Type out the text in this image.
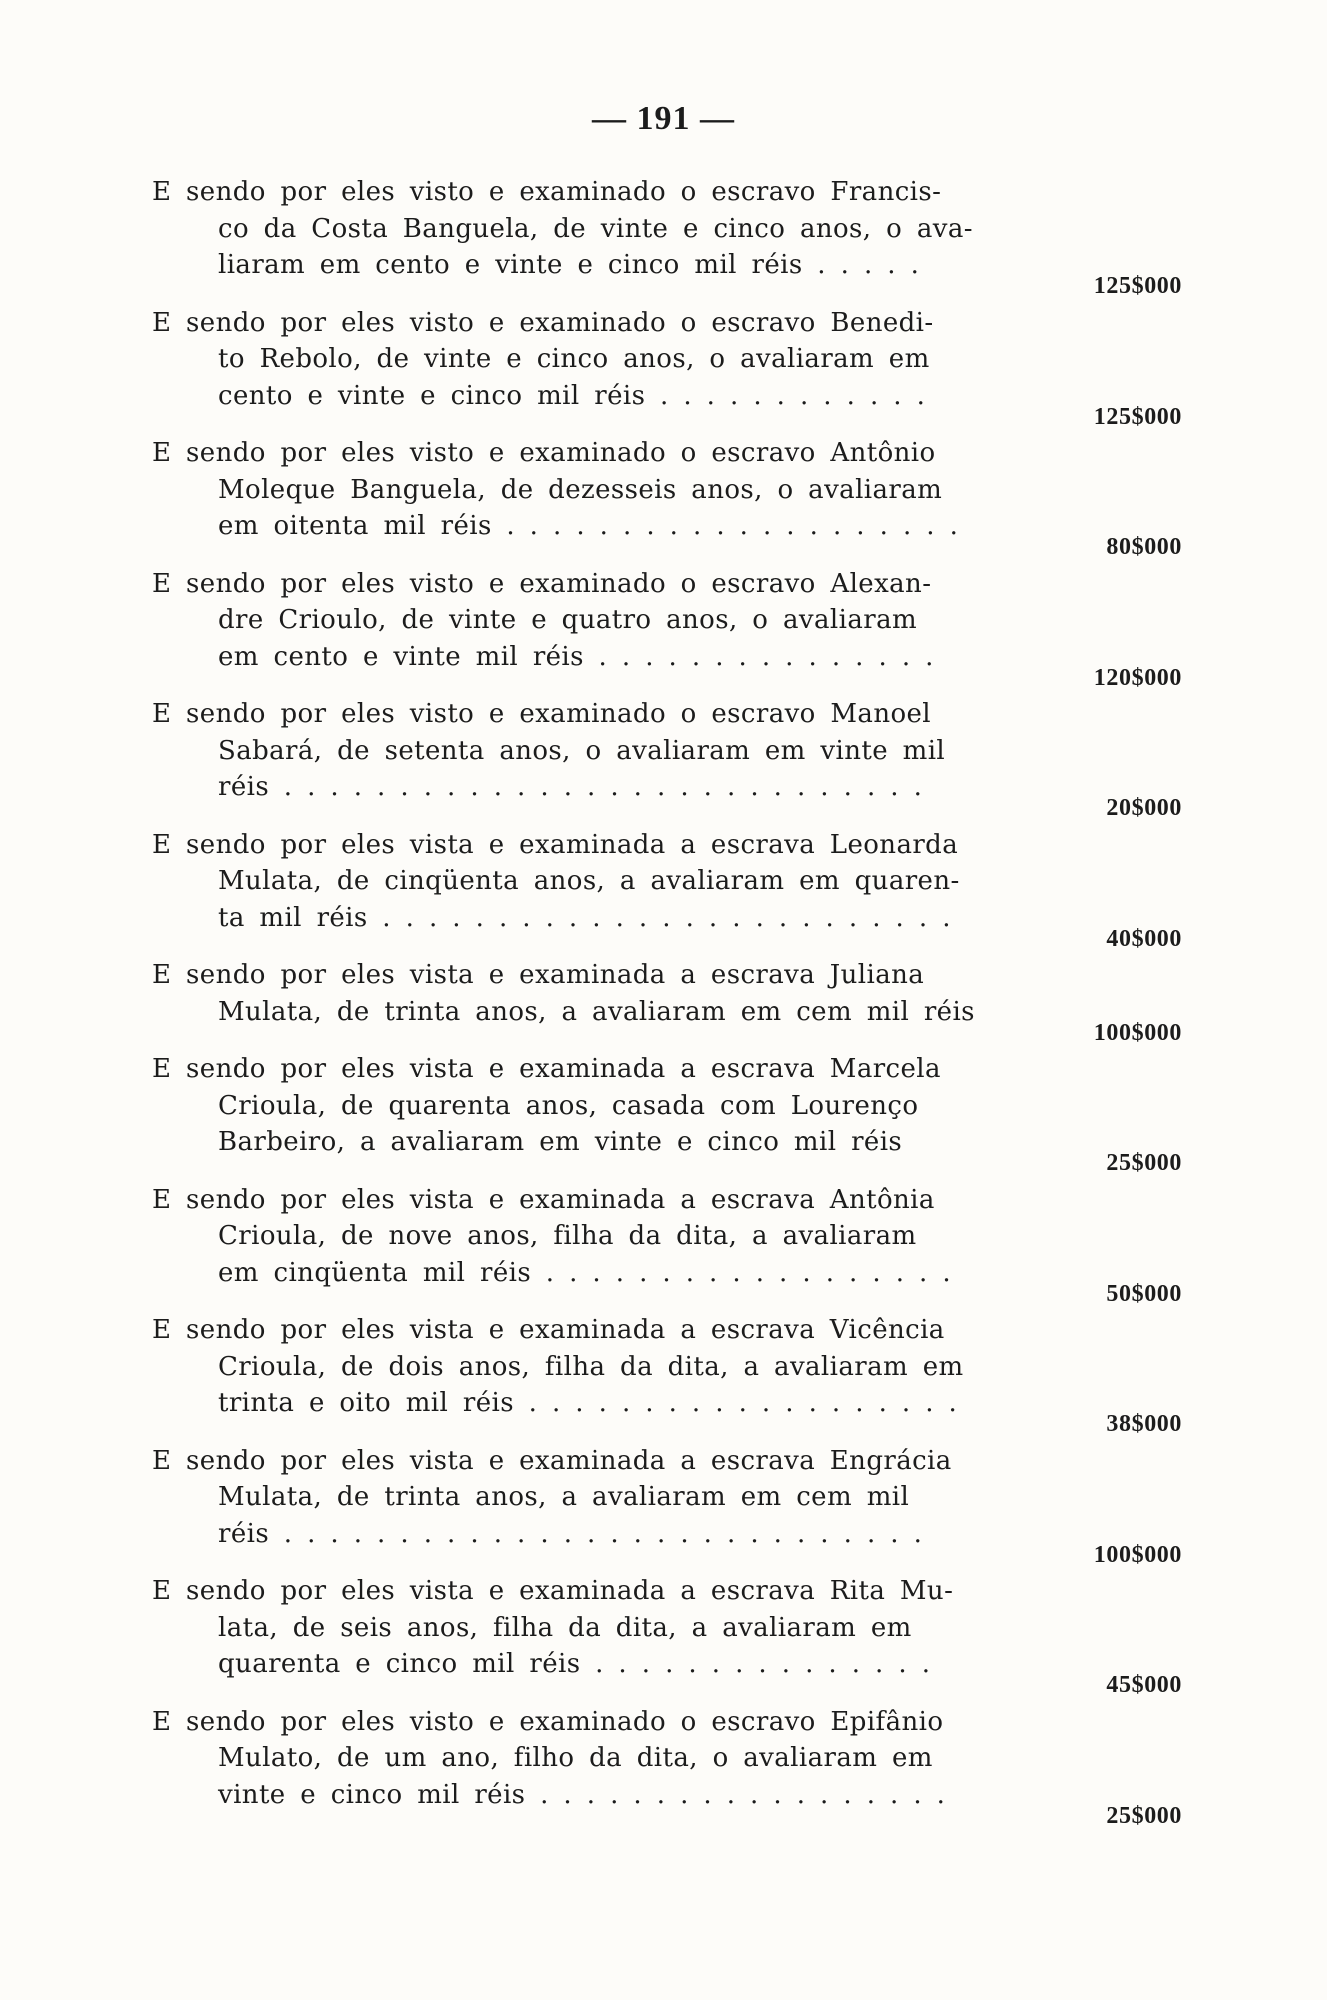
— 191 —
E sendo por eles visto e examinado o escravo Francis-
co da Costa Banguela, de vinte e cinco anos, o ava-
liaram em cento e vinte e cinco mil réis . . . . .
125$000
E sendo por eles visto e examinado o escravo Benedi-
to Rebolo, de vinte e cinco anos, o avaliaram em
cento e vinte e cinco mil réis . . . . . . . . . . . .
125$000
E sendo por eles visto e examinado o escravo Antônio
Moleque Banguela, de dezesseis anos, o avaliaram
em oitenta mil réis . . . . . . . . . . . . . . . . . . . .
80$000
E sendo por eles visto e examinado o escravo Alexan-
dre Crioulo, de vinte e quatro anos, o avaliaram
em cento e vinte mil réis . . . . . . . . . . . . . . .
120$000
E sendo por eles visto e examinado o escravo Manoel
Sabará, de setenta anos, o avaliaram em vinte mil
réis . . . . . . . . . . . . . . . . . . . . . . . . . . . .
20$000
E sendo por eles vista e examinada a escrava Leonarda
Mulata, de cinqüenta anos, a avaliaram em quaren-
ta mil réis . . . . . . . . . . . . . . . . . . . . . . . . .
40$000
E sendo por eles vista e examinada a escrava Juliana
Mulata, de trinta anos, a avaliaram em cem mil réis
100$000
E sendo por eles vista e examinada a escrava Marcela
Crioula, de quarenta anos, casada com Lourenço
Barbeiro, a avaliaram em vinte e cinco mil réis
25$000
E sendo por eles vista e examinada a escrava Antônia
Crioula, de nove anos, filha da dita, a avaliaram
em cinqüenta mil réis . . . . . . . . . . . . . . . . . .
50$000
E sendo por eles vista e examinada a escrava Vicência
Crioula, de dois anos, filha da dita, a avaliaram em
trinta e oito mil réis . . . . . . . . . . . . . . . . . . .
38$000
E sendo por eles vista e examinada a escrava Engrácia
Mulata, de trinta anos, a avaliaram em cem mil
réis . . . . . . . . . . . . . . . . . . . . . . . . . . . .
100$000
E sendo por eles vista e examinada a escrava Rita Mu-
lata, de seis anos, filha da dita, a avaliaram em
quarenta e cinco mil réis . . . . . . . . . . . . . . .
45$000
E sendo por eles visto e examinado o escravo Epifânio
Mulato, de um ano, filho da dita, o avaliaram em
vinte e cinco mil réis . . . . . . . . . . . . . . . . . .
25$000
